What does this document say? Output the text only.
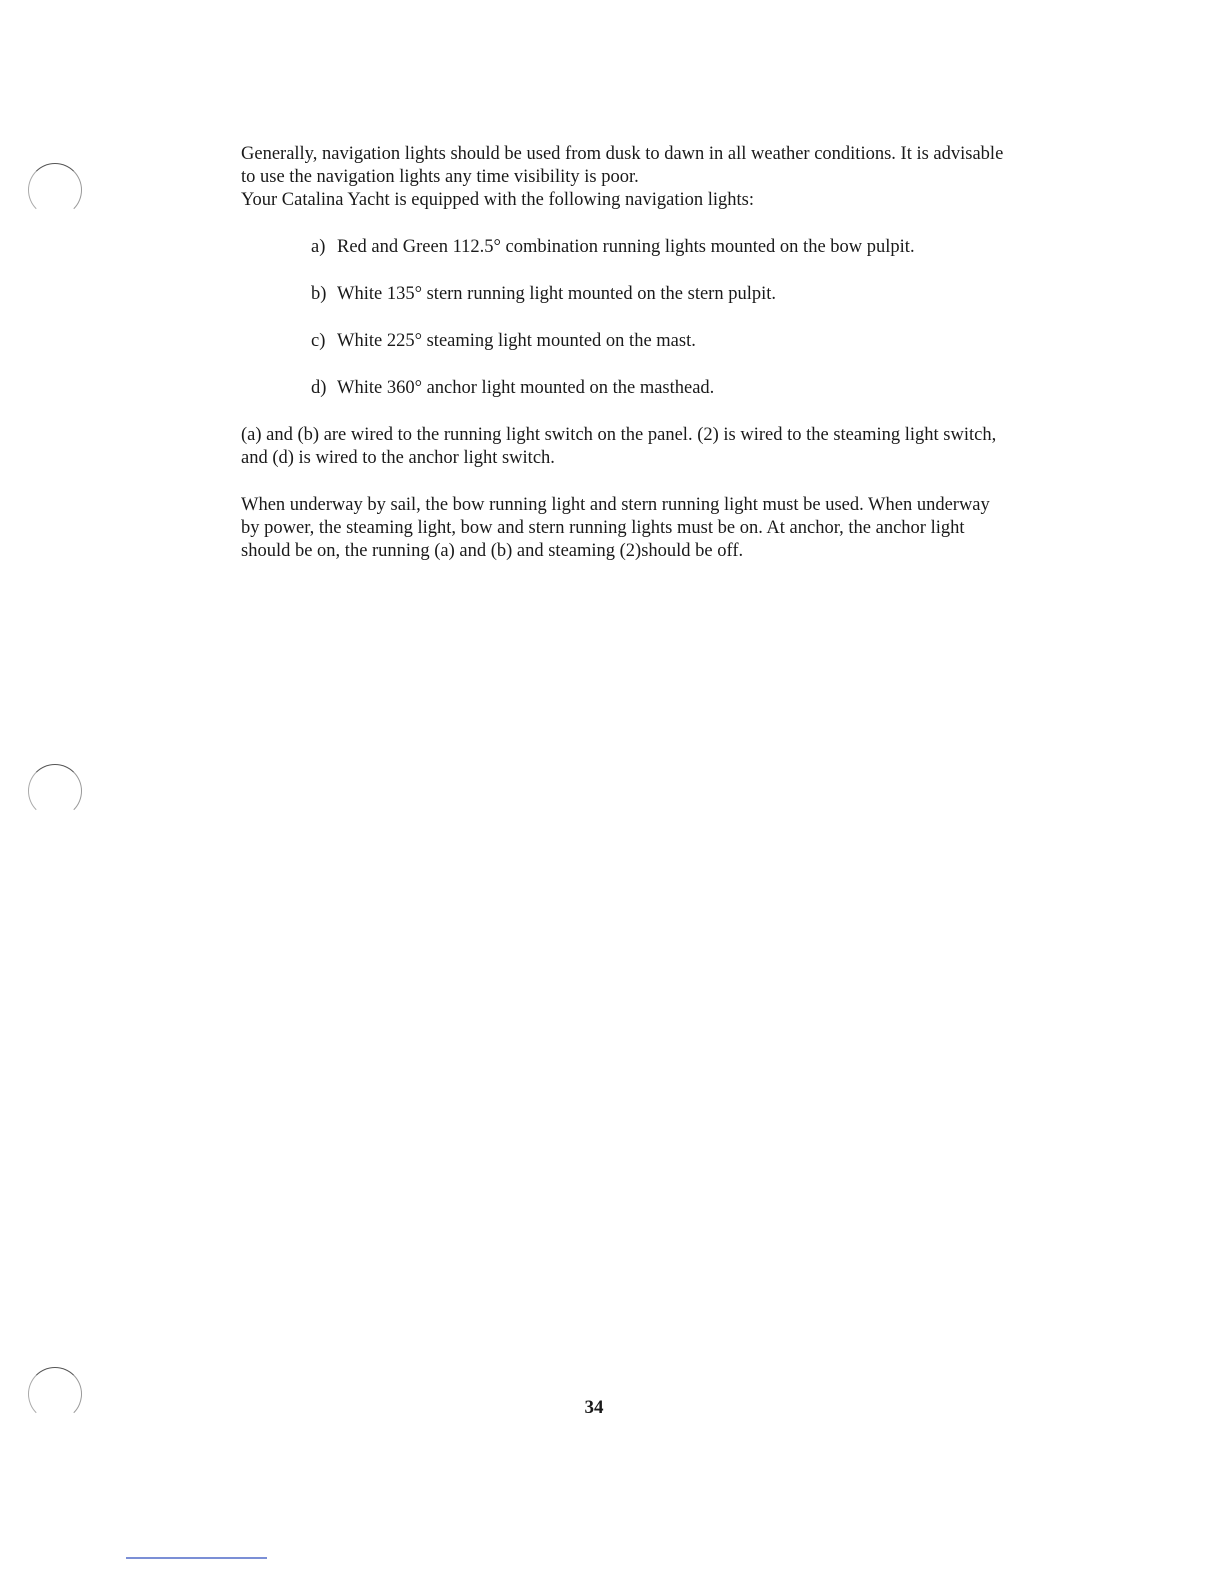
Generally, navigation lights should be used from dusk to dawn in all weather conditions. It is advisable to use the navigation lights any time visibility is poor.

Your Catalina Yacht is equipped with the following navigation lights:

a) Red and Green 112.5° combination running lights mounted on the bow pulpit.
b) White 135° stern running light mounted on the stern pulpit.
c) White 225° steaming light mounted on the mast.
d) White 360° anchor light mounted on the masthead.

(a) and (b) are wired to the running light switch on the panel. (2) is wired to the steaming light switch, and (d) is wired to the anchor light switch.

When underway by sail, the bow running light and stern running light must be used. When underway by power, the steaming light, bow and stern running lights must be on. At anchor, the anchor light should be on, the running (a) and (b) and steaming (2)should be off.

34
